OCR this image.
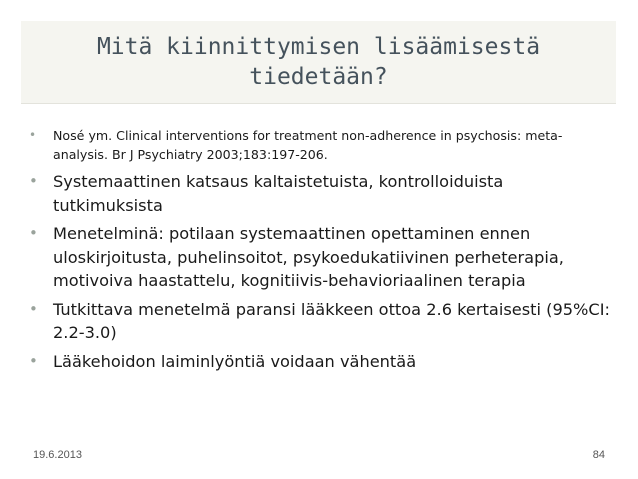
Mitä kiinnittymisen lisäämisestä
tiedetään?
• Nosé ym. Clinical interventions for treatment non-adherence in psychosis: meta-analysis. Br J Psychiatry 2003;183:197-206.
• Systemaattinen katsaus kaltaistetuista, kontrolloiduista tutkimuksista
• Menetelminä: potilaan systemaattinen opettaminen ennen uloskirjoitusta, puhelinsoitot, psykoedukatiivinen perheterapia, motivoiva haastattelu, kognitiivis-behavioriaalinen terapia
• Tutkittava menetelmä paransi lääkkeen ottoa 2.6 kertaisesti (95%CI: 2.2-3.0)
• Lääkehoidon laiminlyöntiä voidaan vähentää
19.6.2013	84
